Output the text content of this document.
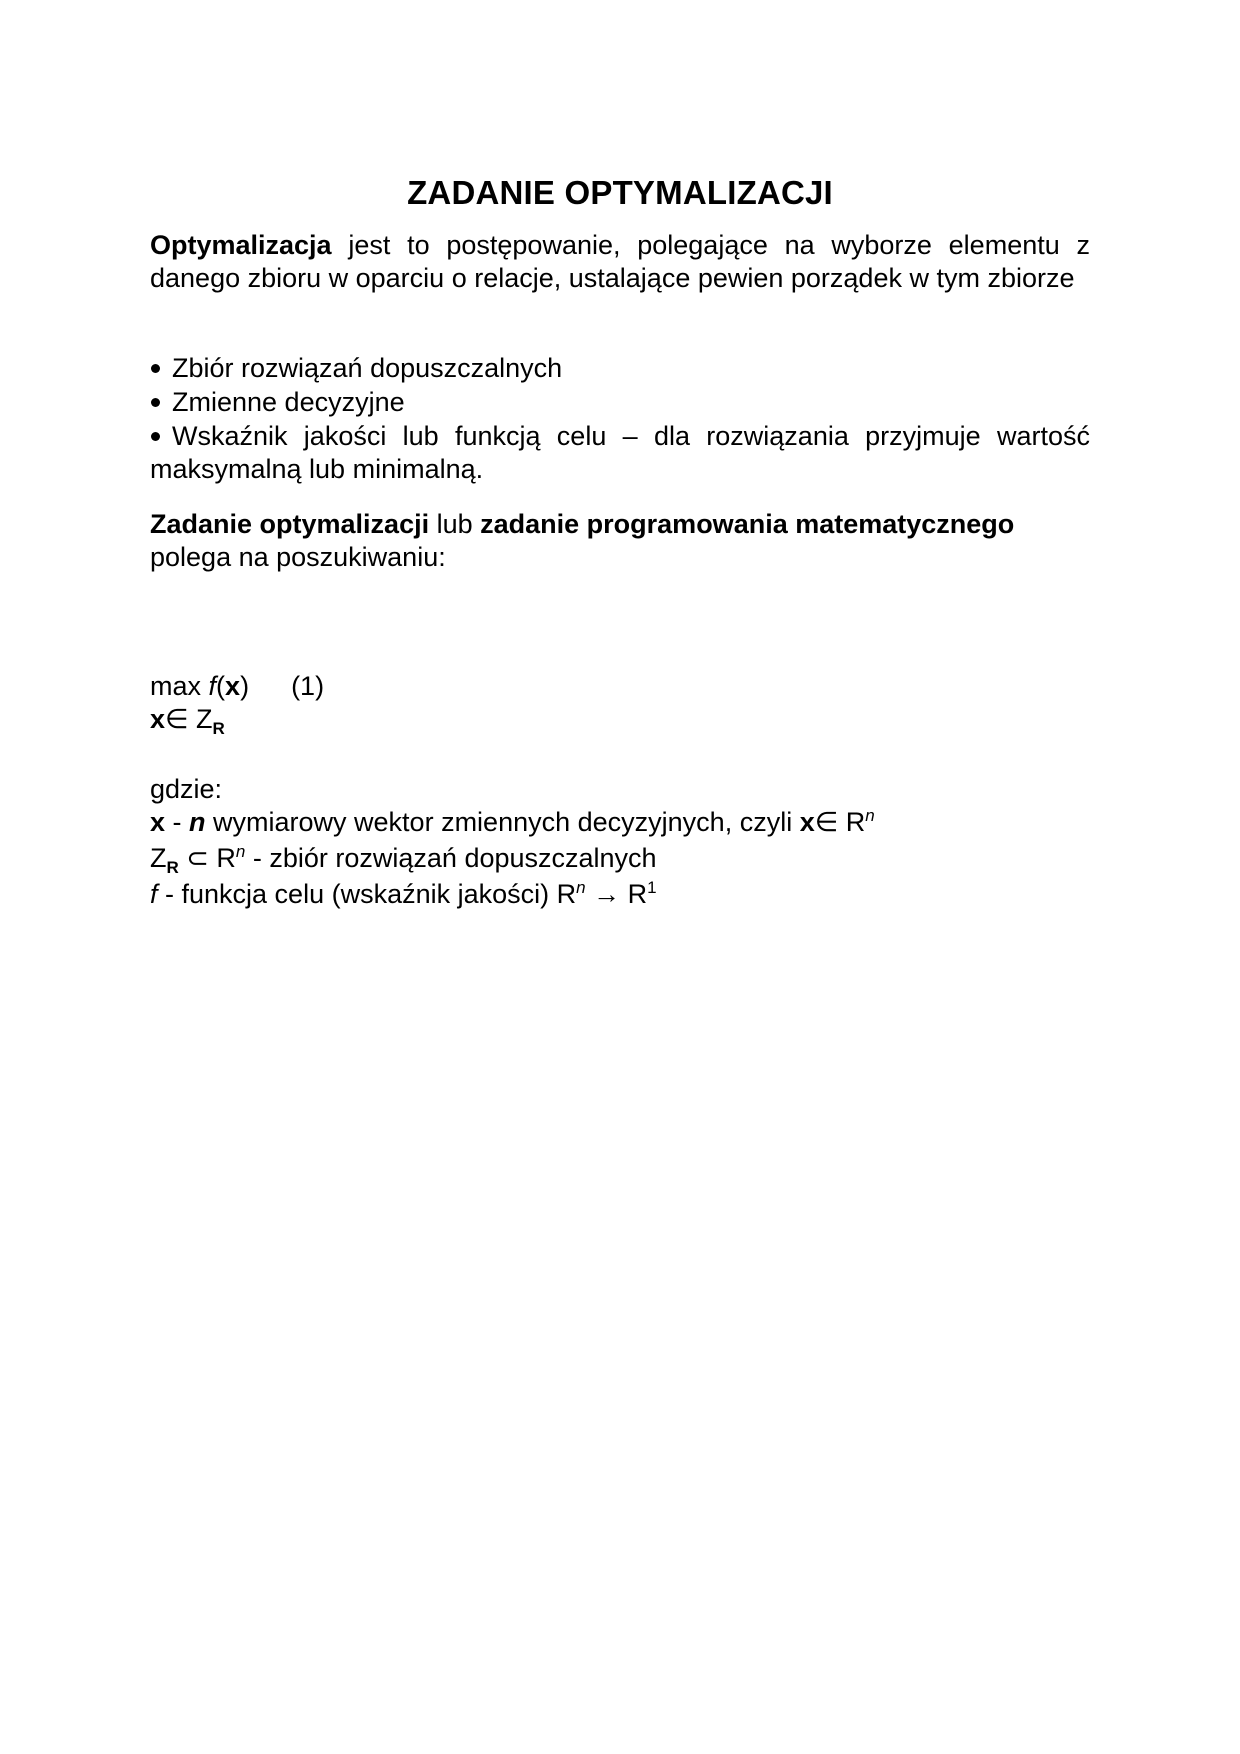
ZADANIE OPTYMALIZACJI
Optymalizacja jest to postępowanie, polegające na wyborze elementu z danego zbioru w oparciu o relacje, ustalające pewien porządek w tym zbiorze
Zbiór rozwiązań dopuszczalnych
Zmienne decyzyjne
Wskaźnik jakości lub funkcją celu – dla rozwiązania przyjmuje wartość maksymalną lub minimalną.
Zadanie optymalizacji lub zadanie programowania matematycznego polega na poszukiwaniu:
max f(x) (1)
x∈ $Z_R$
gdzie:
x - n wymiarowy wektor zmiennych decyzyjnych, czyli x∈ $R^n$
$Z_R$ ⊂ $R^n$ - zbiór rozwiązań dopuszczalnych
f - funkcja celu (wskaźnik jakości) $R^n \to R^1$
